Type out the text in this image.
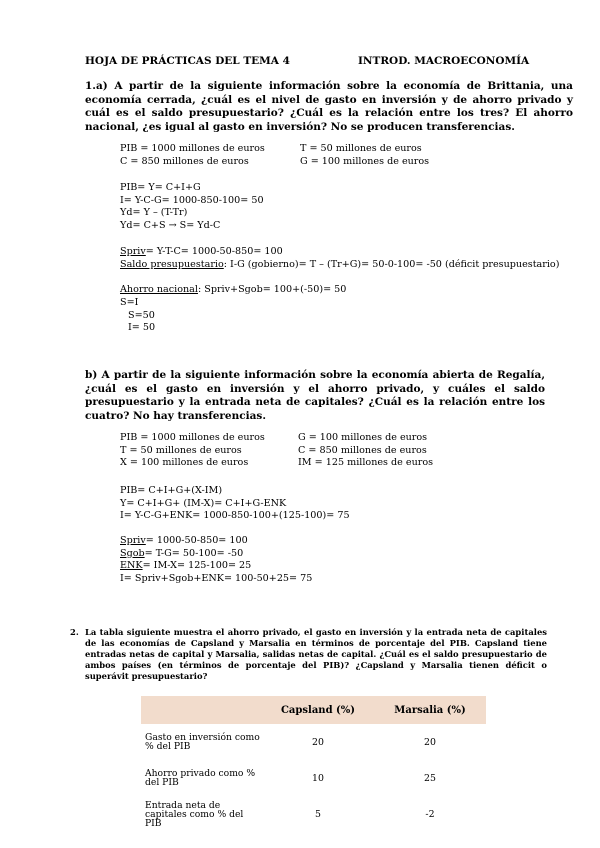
HOJA DE PRÁCTICAS DEL TEMA 4	INTROD. MACROECONOMÍA
1.a) A partir de la siguiente información sobre la economía de Brittania, una economía cerrada, ¿cuál es el nivel de gasto en inversión y de ahorro privado y cuál es el saldo presupuestario? ¿Cuál es la relación entre los tres? El ahorro nacional, ¿es igual al gasto en inversión? No se producen transferencias.
PIB = 1000 millones de euros	T = 50 millones de euros
C = 850 millones de euros	G = 100 millones de euros
PIB= Y= C+I+G
I= Y-C-G= 1000-850-100= 50
Yd= Y – (T-Tr)
Yd= C+S → S= Yd-C
Spriv= Y-T-C= 1000-50-850= 100
Saldo presupuestario: I-G (gobierno)= T – (Tr+G)= 50-0-100= -50 (déficit presupuestario)
Ahorro nacional: Spriv+Sgob= 100+(-50)= 50
S=I
S=50
I= 50
b) A partir de la siguiente información sobre la economía abierta de Regalía, ¿cuál es el gasto en inversión y el ahorro privado, y cuáles el saldo presupuestario y la entrada neta de capitales? ¿Cuál es la relación entre los cuatro? No hay transferencias.
PIB = 1000 millones de euros	G = 100 millones de euros
T = 50 millones de euros	C = 850 millones de euros
X = 100 millones de euros	IM = 125 millones de euros
PIB= C+I+G+(X-IM)
Y= C+I+G+ (IM-X)= C+I+G-ENK
I= Y-C-G+ENK= 1000-850-100+(125-100)= 75
Spriv= 1000-50-850= 100
Sgob= T-G= 50-100= -50
ENK= IM-X= 125-100= 25
I= Spriv+Sgob+ENK= 100-50+25= 75
2. La tabla siguiente muestra el ahorro privado, el gasto en inversión y la entrada neta de capitales de las economías de Capsland y Marsalia en términos de porcentaje del PIB. Capsland tiene entradas netas de capital y Marsalia, salidas netas de capital. ¿Cuál es el saldo presupuestario de ambos países (en términos de porcentaje del PIB)? ¿Capsland y Marsalia tienen déficit o superávit presupuestario?
	Capsland (%)	Marsalia (%)
Gasto en inversión como % del PIB	20	20
Ahorro privado como % del PIB	10	25
Entrada neta de capitales como % del PIB	5	-2
